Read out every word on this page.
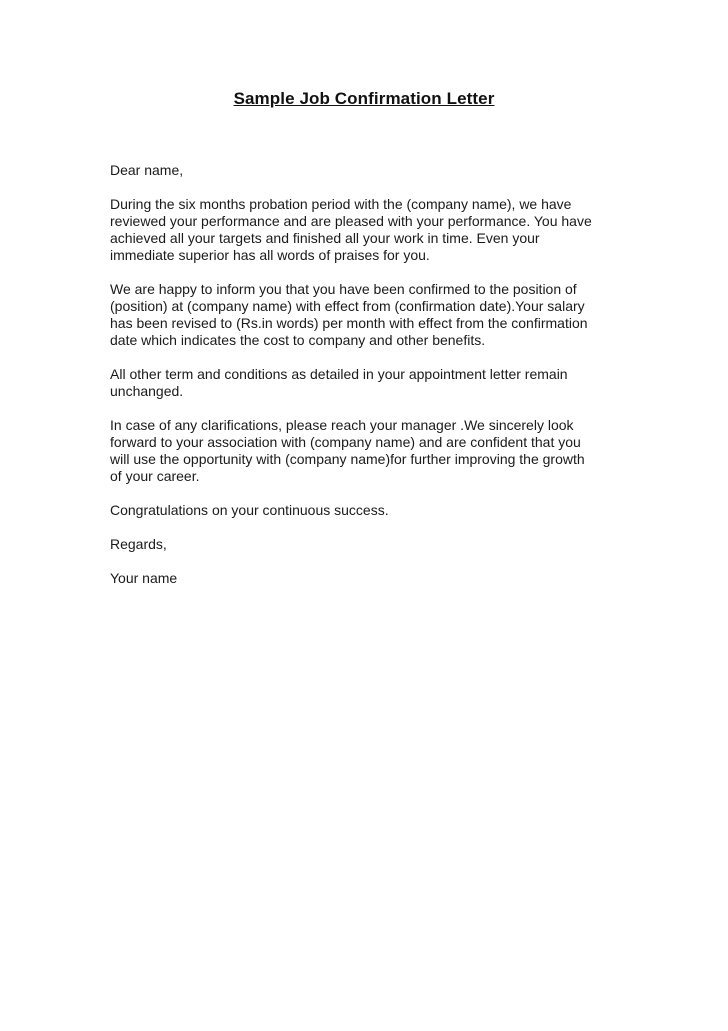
Sample Job Confirmation Letter

Dear name,

During the six months probation period with the (company name), we have

reviewed your performance and are pleased with your performance. You have

achieved all your targets and finished all your work in time. Even your

immediate superior has all words of praises for you.

We are happy to inform you that you have been confirmed to the position of

(position) at (company name) with effect from (confirmation date).Your salary

has been revised to (Rs.in words) per month with effect from the confirmation

date which indicates the cost to company and other benefits.

All other term and conditions as detailed in your appointment letter remain

unchanged.

In case of any clarifications, please reach your manager .We sincerely look

forward to your association with (company name) and are confident that you

will use the opportunity with (company name)for further improving the growth

of your career.

Congratulations on your continuous success.

Regards,

Your name
